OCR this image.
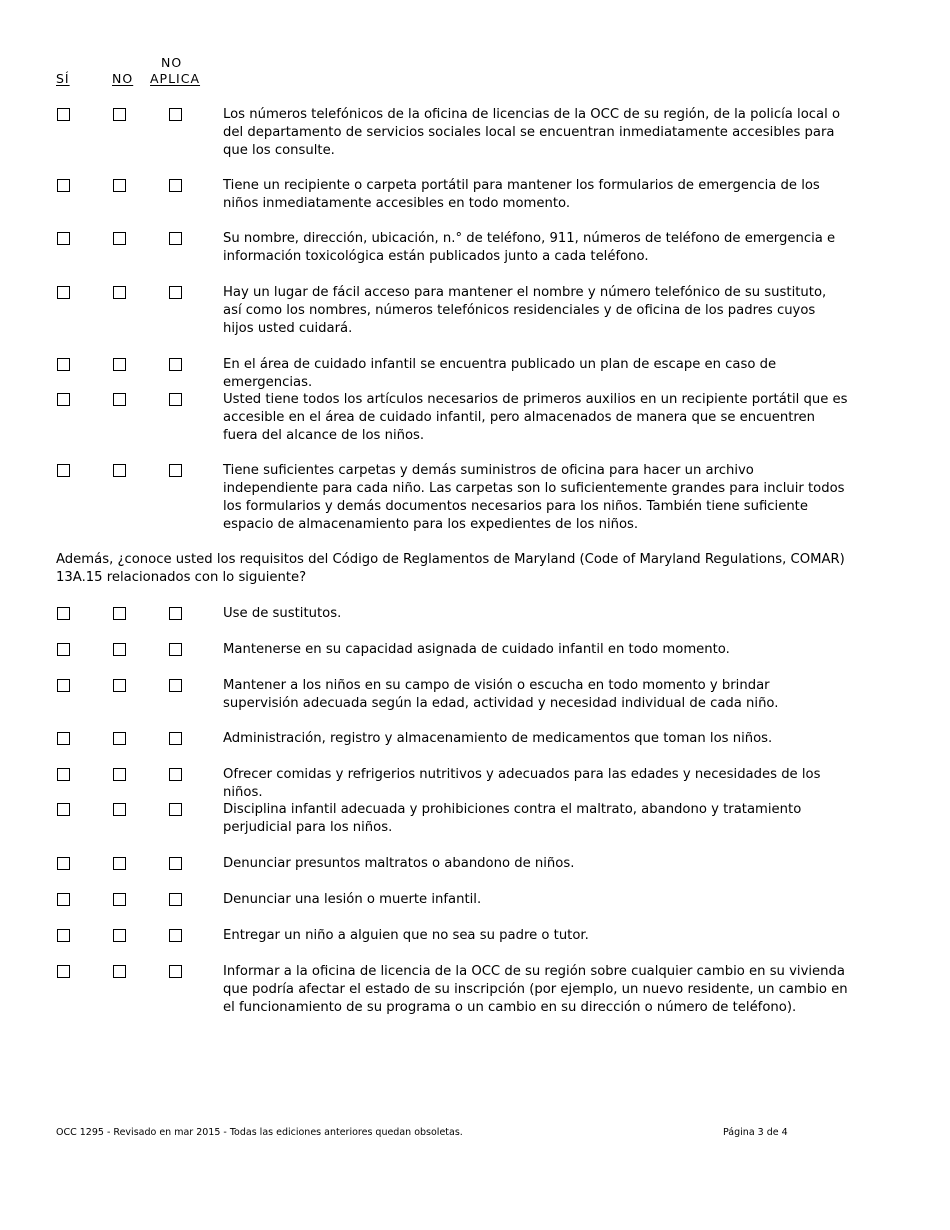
SÍ	NO
NO
APLICA
Los números telefónicos de la oficina de licencias de la OCC de su región, de la policía local o del departamento de servicios sociales local se encuentran inmediatamente accesibles para que los consulte.
Tiene un recipiente o carpeta portátil para mantener los formularios de emergencia de los niños inmediatamente accesibles en todo momento.
Su nombre, dirección, ubicación, n.° de teléfono, 911, números de teléfono de emergencia e información toxicológica están publicados junto a cada teléfono.
Hay un lugar de fácil acceso para mantener el nombre y número telefónico de su sustituto, así como los nombres, números telefónicos residenciales y de oficina de los padres cuyos hijos usted cuidará.
En el área de cuidado infantil se encuentra publicado un plan de escape en caso de emergencias.
Usted tiene todos los artículos necesarios de primeros auxilios en un recipiente portátil que es accesible en el área de cuidado infantil, pero almacenados de manera que se encuentren fuera del alcance de los niños.
Tiene suficientes carpetas y demás suministros de oficina para hacer un archivo independiente para cada niño. Las carpetas son lo suficientemente grandes para incluir todos los formularios y demás documentos necesarios para los niños. También tiene suficiente espacio de almacenamiento para los expedientes de los niños.
Además, ¿conoce usted los requisitos del Código de Reglamentos de Maryland (Code of Maryland Regulations, COMAR) 13A.15 relacionados con lo siguiente?
Use de sustitutos.
Mantenerse en su capacidad asignada de cuidado infantil en todo momento.
Mantener a los niños en su campo de visión o escucha en todo momento y brindar supervisión adecuada según la edad, actividad y necesidad individual de cada niño.
Administración, registro y almacenamiento de medicamentos que toman los niños.
Ofrecer comidas y refrigerios nutritivos y adecuados para las edades y necesidades de los niños.
Disciplina infantil adecuada y prohibiciones contra el maltrato, abandono y tratamiento perjudicial para los niños.
Denunciar presuntos maltratos o abandono de niños.
Denunciar una lesión o muerte infantil.
Entregar un niño a alguien que no sea su padre o tutor.
Informar a la oficina de licencia de la OCC de su región sobre cualquier cambio en su vivienda que podría afectar el estado de su inscripción (por ejemplo, un nuevo residente, un cambio en el funcionamiento de su programa o un cambio en su dirección o número de teléfono).
OCC 1295 - Revisado en mar 2015 - Todas las ediciones anteriores quedan obsoletas.	Página 3 de 4
